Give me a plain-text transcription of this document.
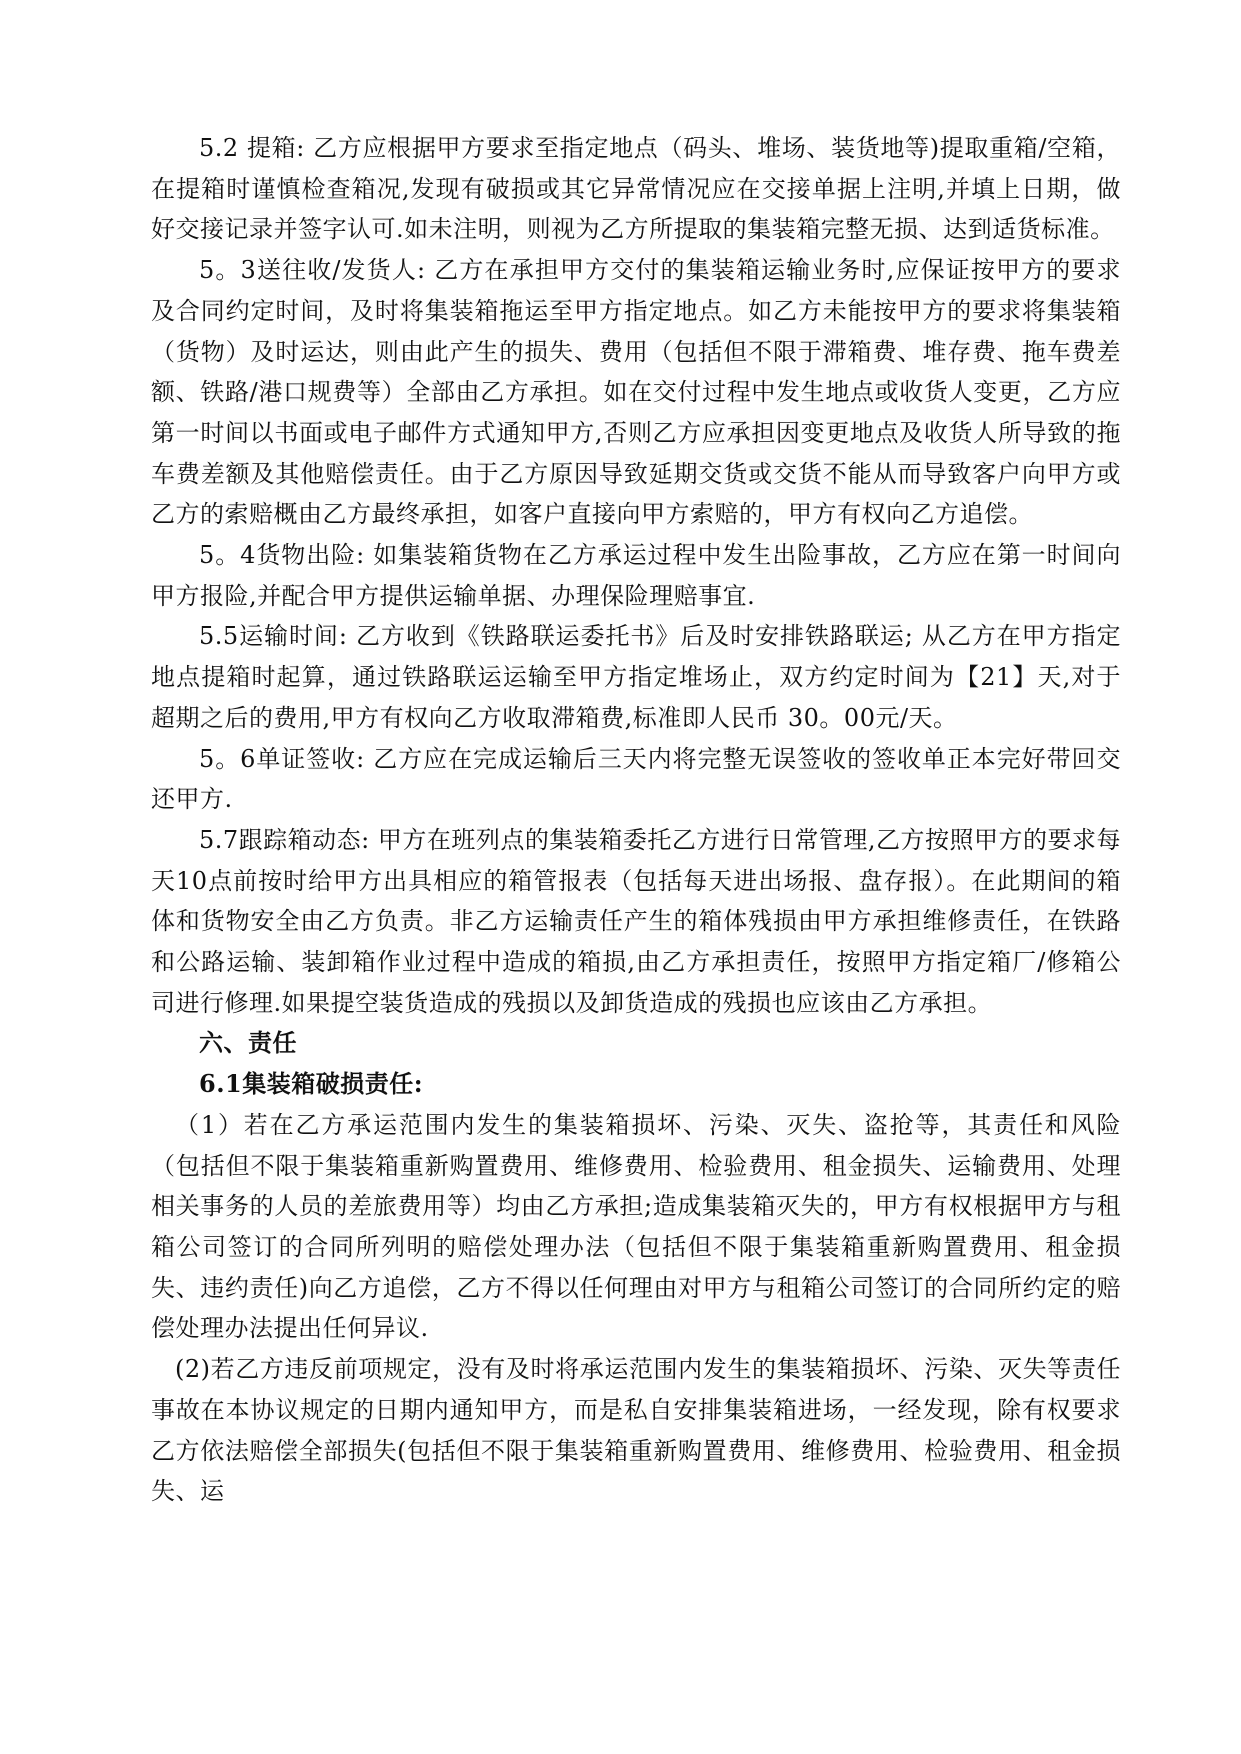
5.2 提箱: 乙方应根据甲方要求至指定地点（码头、堆场、装货地等)提取重箱/空箱，在提箱时谨慎检查箱况,发现有破损或其它异常情况应在交接单据上注明,并填上日期，做好交接记录并签字认可.如未注明，则视为乙方所提取的集装箱完整无损、达到适货标准。

5。3送往收/发货人: 乙方在承担甲方交付的集装箱运输业务时,应保证按甲方的要求及合同约定时间，及时将集装箱拖运至甲方指定地点。如乙方未能按甲方的要求将集装箱（货物）及时运达，则由此产生的损失、费用（包括但不限于滞箱费、堆存费、拖车费差额、铁路/港口规费等）全部由乙方承担。如在交付过程中发生地点或收货人变更，乙方应第一时间以书面或电子邮件方式通知甲方,否则乙方应承担因变更地点及收货人所导致的拖车费差额及其他赔偿责任。由于乙方原因导致延期交货或交货不能从而导致客户向甲方或乙方的索赔概由乙方最终承担，如客户直接向甲方索赔的，甲方有权向乙方追偿。

5。4货物出险: 如集装箱货物在乙方承运过程中发生出险事故，乙方应在第一时间向甲方报险,并配合甲方提供运输单据、办理保险理赔事宜.

5.5运输时间: 乙方收到《铁路联运委托书》后及时安排铁路联运; 从乙方在甲方指定地点提箱时起算，通过铁路联运运输至甲方指定堆场止，双方约定时间为【21】天,对于超期之后的费用,甲方有权向乙方收取滞箱费,标准即人民币 30。00元/天。

5。6单证签收: 乙方应在完成运输后三天内将完整无误签收的签收单正本完好带回交还甲方.

5.7跟踪箱动态: 甲方在班列点的集装箱委托乙方进行日常管理,乙方按照甲方的要求每天10点前按时给甲方出具相应的箱管报表（包括每天进出场报、盘存报）。在此期间的箱体和货物安全由乙方负责。非乙方运输责任产生的箱体残损由甲方承担维修责任，在铁路和公路运输、装卸箱作业过程中造成的箱损,由乙方承担责任，按照甲方指定箱厂/修箱公司进行修理.如果提空装货造成的残损以及卸货造成的残损也应该由乙方承担。

六、责任

6.1集装箱破损责任:

（1）若在乙方承运范围内发生的集装箱损坏、污染、灭失、盗抢等，其责任和风险（包括但不限于集装箱重新购置费用、维修费用、检验费用、租金损失、运输费用、处理相关事务的人员的差旅费用等）均由乙方承担;造成集装箱灭失的，甲方有权根据甲方与租箱公司签订的合同所列明的赔偿处理办法（包括但不限于集装箱重新购置费用、租金损失、违约责任)向乙方追偿，乙方不得以任何理由对甲方与租箱公司签订的合同所约定的赔偿处理办法提出任何异议.

(2)若乙方违反前项规定，没有及时将承运范围内发生的集装箱损坏、污染、灭失等责任事故在本协议规定的日期内通知甲方，而是私自安排集装箱进场，一经发现，除有权要求乙方依法赔偿全部损失(包括但不限于集装箱重新购置费用、维修费用、检验费用、租金损失、运
